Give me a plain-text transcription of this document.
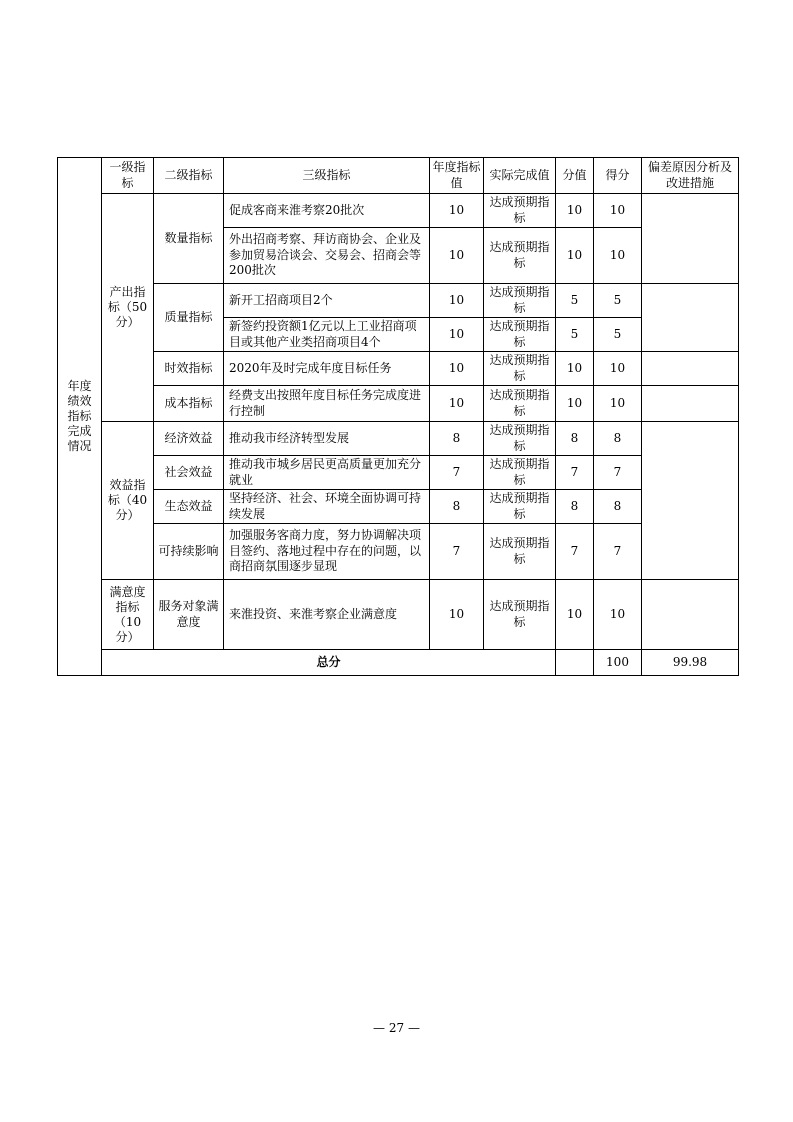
年度绩效指标完成情况	一级指标	二级指标	三级指标	年度指标值	实际完成值	分值	得分	偏差原因分析及改进措施	
	产出指标（50分）	数量指标	促成客商来淮考察20批次	10	达成预期指标	10	10		
			外出招商考察、拜访商协会、企业及参加贸易洽谈会、交易会、招商会等200批次	10	达成预期指标	10	10		
		质量指标	新开工招商项目2个	10	达成预期指标	5	5		
			新签约投资额1亿元以上工业招商项目或其他产业类招商项目4个	10	达成预期指标	5	5		
		时效指标	2020年及时完成年度目标任务	10	达成预期指标	10	10		
		成本指标	经费支出按照年度目标任务完成度进行控制	10	达成预期指标	10	10		
	效益指标（40分）	经济效益	推动我市经济转型发展	8	达成预期指标	8	8		
		社会效益	推动我市城乡居民更高质量更加充分就业	7	达成预期指标	7	7		
		生态效益	坚持经济、社会、环境全面协调可持续发展	8	达成预期指标	8	8		
		可持续影响	加强服务客商力度，努力协调解决项目签约、落地过程中存在的问题，以商招商氛围逐步显现	7	达成预期指标	7	7		
	满意度指标（10分）	服务对象满意度	来淮投资、来淮考察企业满意度	10	达成预期指标	10	10		
	总分						100	99.98	
— 27 —
